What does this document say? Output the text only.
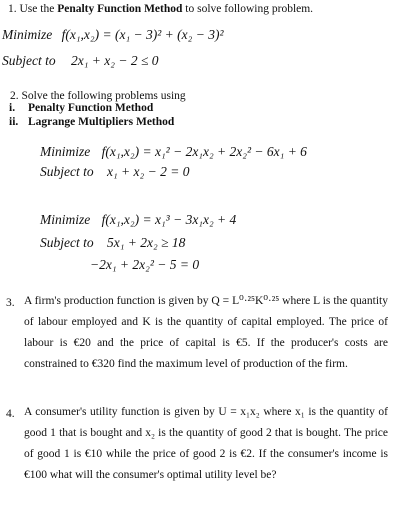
1. Use the Penalty Function Method to solve following problem.
Minimize f(x₁,x₂) = (x₁ − 3)² + (x₂ − 3)²
Subject to 2x₁ + x₂ − 2 ≤ 0
2. Solve the following problems using
i. Penalty Function Method
ii. Lagrange Multipliers Method
Minimize f(x₁,x₂) = x₁² − 2x₁x₂ + 2x₂² − 6x₁ + 6
Subject to x₁ + x₂ − 2 = 0
Minimize f(x₁,x₂) = x₁³ − 3x₁x₂ + 4
Subject to 5x₁ + 2x₂ ≥ 18
−2x₁ + 2x₂² − 5 = 0
3. A firm's production function is given by Q = L⁰·²⁵K⁰·²⁵ where L is the quantity of labour employed and K is the quantity of capital employed. The price of labour is €20 and the price of capital is €5. If the producer's costs are constrained to €320 find the maximum level of production of the firm.
4. A consumer's utility function is given by U = x₁x₂ where x₁ is the quantity of good 1 that is bought and x₂ is the quantity of good 2 that is bought. The price of good 1 is €10 while the price of good 2 is €2. If the consumer's income is €100 what will the consumer's optimal utility level be?
